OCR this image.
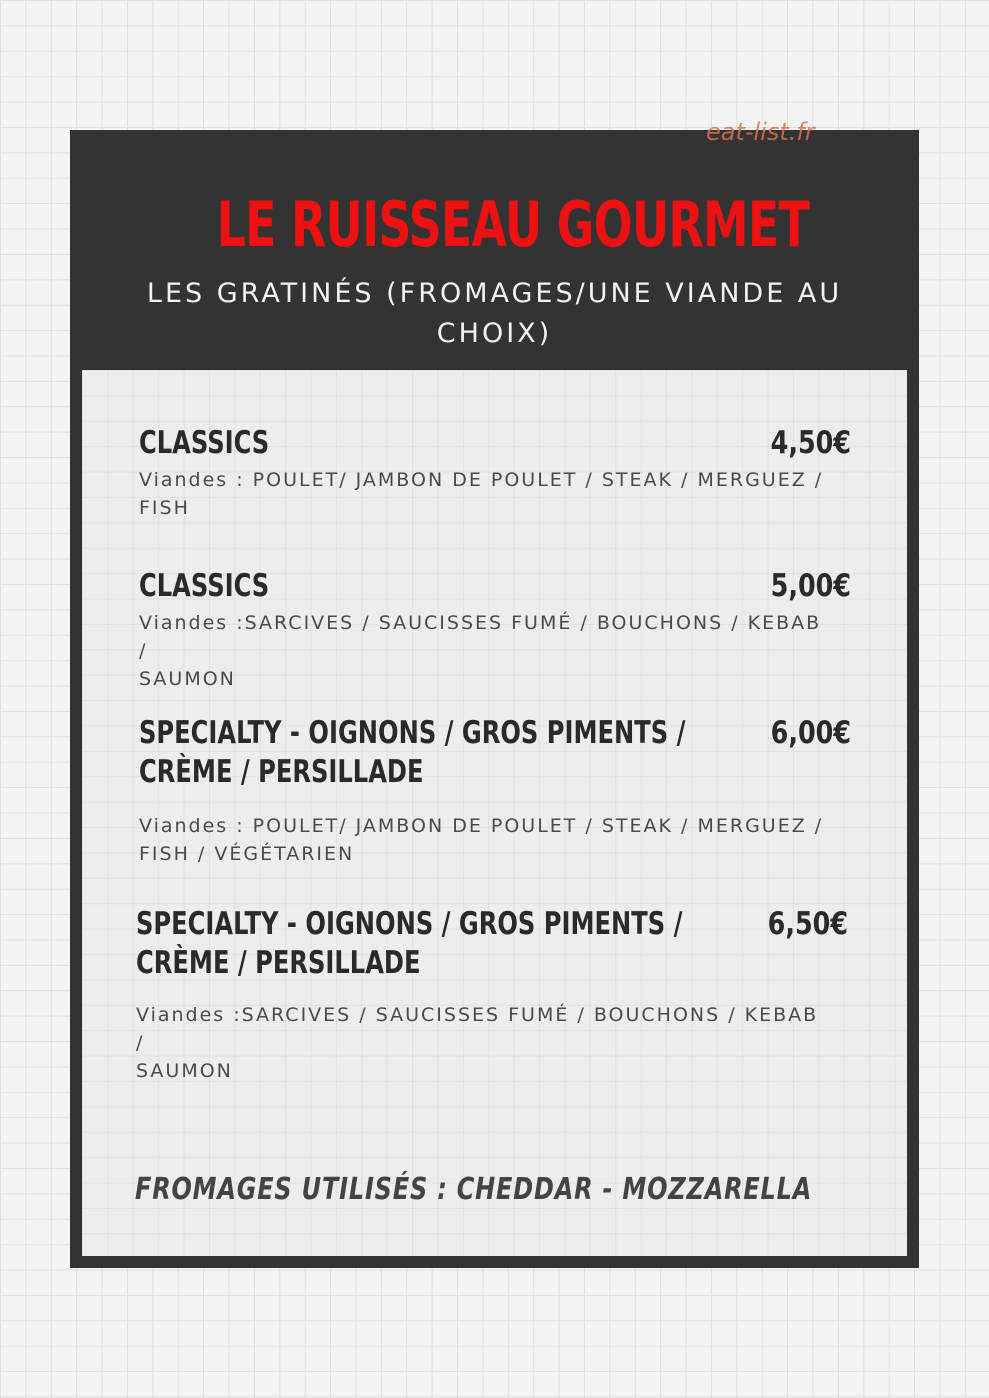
eat-list.fr
LE RUISSEAU GOURMET
LES GRATINÉS (FROMAGES/UNE VIANDE AU CHOIX)
CLASSICS	4,50€
Viandes : POULET/ JAMBON DE POULET / STEAK / MERGUEZ /
FISH
CLASSICS	5,00€
Viandes :SARCIVES / SAUCISSES FUMÉ / BOUCHONS / KEBAB /
SAUMON
SPECIALTY - OIGNONS / GROS PIMENTS /
CRÈME / PERSILLADE
6,00€
Viandes : POULET/ JAMBON DE POULET / STEAK / MERGUEZ /
FISH / VÉGÉTARIEN
SPECIALTY - OIGNONS / GROS PIMENTS /
CRÈME / PERSILLADE
6,50€
Viandes :SARCIVES / SAUCISSES FUMÉ / BOUCHONS / KEBAB /
SAUMON
FROMAGES UTILISÉS : CHEDDAR - MOZZARELLA
